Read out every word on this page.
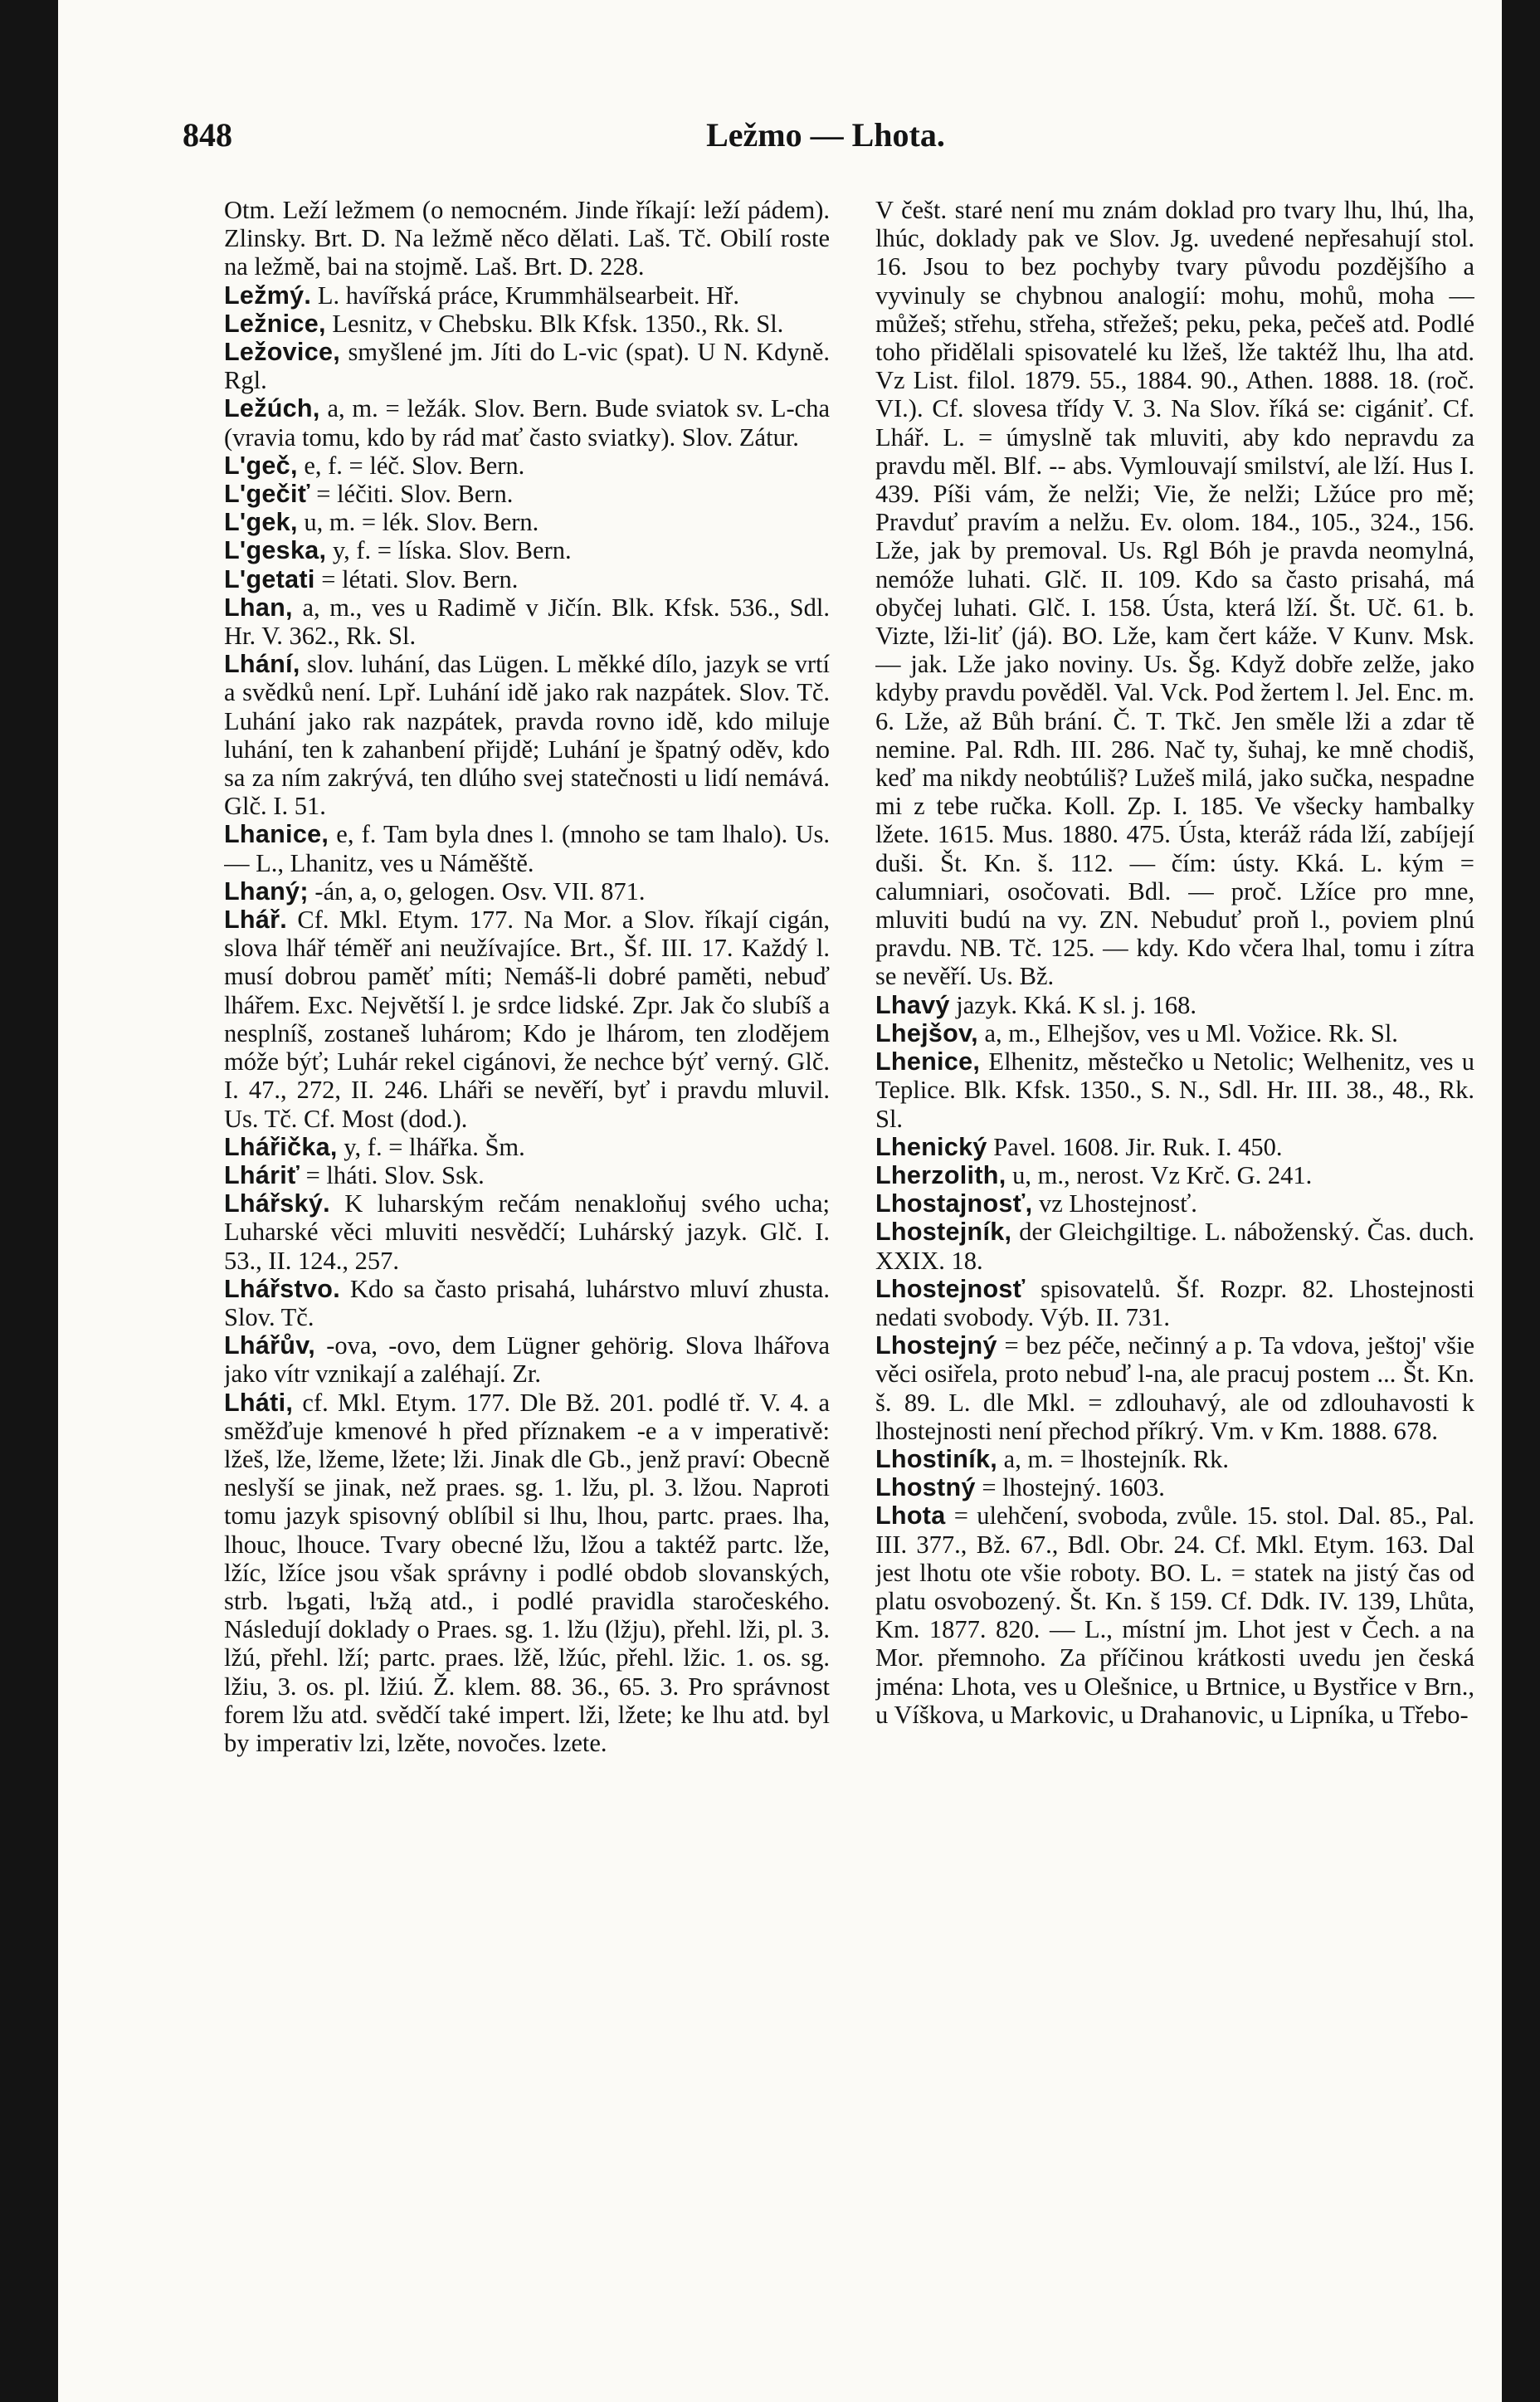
848	Ležmo — Lhota.

Otm. Leží ležmem (o nemocném. Jinde říkají: leží pádem). Zlinsky. Brt. D. Na ležmě něco dělati. Laš. Tč. Obilí roste na ležmě, bai na stojmě. Laš. Brt. D. 228.

Ležmý. L. havířská práce, Krummhälsearbeit. Hř.

Ležnice, Lesnitz, v Chebsku. Blk Kfsk. 1350., Rk. Sl.

Ležovice, smyšlené jm. Jíti do L-vic (spat). U N. Kdyně. Rgl.

Ležúch, a, m. = ležák. Slov. Bern. Bude sviatok sv. L-cha (vravia tomu, kdo by rád mať často sviatky). Slov. Zátur.

L'geč, e, f. = léč. Slov. Bern.

L'gečiť = léčiti. Slov. Bern.

L'gek, u, m. = lék. Slov. Bern.

L'geska, y, f. = líska. Slov. Bern.

L'getati = létati. Slov. Bern.

Lhan, a, m., ves u Radimě v Jičín. Blk. Kfsk. 536., Sdl. Hr. V. 362., Rk. Sl.

Lhání, slov. luhání, das Lügen. L měkké dílo, jazyk se vrtí a svědků není. Lpř. Luhání idě jako rak nazpátek. Slov. Tč. Luhání jako rak nazpátek, pravda rovno idě, kdo miluje luhání, ten k zahanbení přijdě; Luhání je špatný oděv, kdo sa za ním zakrývá, ten dlúho svej statečnosti u lidí nemává. Glč. I. 51.

Lhanice, e, f. Tam byla dnes l. (mnoho se tam lhalo). Us. — L., Lhanitz, ves u Náměště.

Lhaný; -án, a, o, gelogen. Osv. VII. 871.

Lhář. Cf. Mkl. Etym. 177. Na Mor. a Slov. říkají cigán, slova lhář téměř ani neužívajíce. Brt., Šf. III. 17. Každý l. musí dobrou paměť míti; Nemáš-li dobré paměti, nebuď lhářem. Exc. Největší l. je srdce lidské. Zpr. Jak čo slubíš a nesplníš, zostaneš luhárom; Kdo je lhárom, ten zlodějem móže býť; Luhár rekel cigánovi, že nechce býť verný. Glč. I. 47., 272, II. 246. Lháři se nevěří, byť i pravdu mluvil. Us. Tč. Cf. Most (dod.).

Lhářička, y, f. = lhářka. Šm.

Lháriť = lháti. Slov. Ssk.

Lhářský. K luharským rečám nenakloňuj svého ucha; Luharské věci mluviti nesvědčí; Luhárský jazyk. Glč. I. 53., II. 124., 257.

Lhářstvo. Kdo sa často prisahá, luhárstvo mluví zhusta. Slov. Tč.

Lhářův, -ova, -ovo, dem Lügner gehörig. Slova lhářova jako vítr vznikají a zaléhají. Zr.

Lháti, cf. Mkl. Etym. 177. Dle Bž. 201. podlé tř. V. 4. a směžďuje kmenové h před příznakem -e a v imperativě: lžeš, lže, lžeme, lžete; lži. Jinak dle Gb., jenž praví: Obecně neslyší se jinak, než praes. sg. 1. lžu, pl. 3. lžou. Naproti tomu jazyk spisovný oblíbil si lhu, lhou, partc. praes. lha, lhouc, lhouce. Tvary obecné lžu, lžou a taktéž partc. lže, lžíc, lžíce jsou však správny i podlé obdob slovanských, strb. lъgati, lъžą atd., i podlé pravidla staročeského. Následují doklady o Praes. sg. 1. lžu (lžju), přehl. lži, pl. 3. lžú, přehl. lží; partc. praes. lžě, lžúc, přehl. lžic. 1. os. sg. lžiu, 3. os. pl. lžiú. Ž. klem. 88. 36., 65. 3. Pro správnost forem lžu atd. svědčí také impert. lži, lžete; ke lhu atd. byl by imperativ lzi, lzěte, novočes. lzete.

V češt. staré není mu znám doklad pro tvary lhu, lhú, lha, lhúc, doklady pak ve Slov. Jg. uvedené nepřesahují stol. 16. Jsou to bez pochyby tvary původu pozdějšího a vyvinuly se chybnou analogií: mohu, mohů, moha — můžeš; střehu, střeha, střežeš; peku, peka, pečeš atd. Podlé toho přidělali spisovatelé ku lžeš, lže taktéž lhu, lha atd. Vz List. filol. 1879. 55., 1884. 90., Athen. 1888. 18. (roč. VI.). Cf. slovesa třídy V. 3. Na Slov. říká se: cigániť. Cf. Lhář. L. = úmyslně tak mluviti, aby kdo nepravdu za pravdu měl. Blf. -- abs. Vymlouvají smilství, ale lží. Hus I. 439. Píši vám, že nelži; Vie, že nelži; Lžúce pro mě; Pravduť pravím a nelžu. Ev. olom. 184., 105., 324., 156. Lže, jak by premoval. Us. Rgl Bóh je pravda neomylná, nemóže luhati. Glč. II. 109. Kdo sa často prisahá, má obyčej luhati. Glč. I. 158. Ústa, která lží. Št. Uč. 61. b. Vizte, lži-liť (já). BO. Lže, kam čert káže. V Kunv. Msk. — jak. Lže jako noviny. Us. Šg. Když dobře zelže, jako kdyby pravdu pověděl. Val. Vck. Pod žertem l. Jel. Enc. m. 6. Lže, až Bůh brání. Č. T. Tkč. Jen směle lži a zdar tě nemine. Pal. Rdh. III. 286. Nač ty, šuhaj, ke mně chodiš, keď ma nikdy neobtúliš? Lužeš milá, jako sučka, nespadne mi z tebe ručka. Koll. Zp. I. 185. Ve všecky hambalky lžete. 1615. Mus. 1880. 475. Ústa, kteráž ráda lží, zabíjejí duši. Št. Kn. š. 112. — čím: ústy. Kká. L. kým = calumniari, osočovati. Bdl. — proč. Lžíce pro mne, mluviti budú na vy. ZN. Nebuduť proň l., poviem plnú pravdu. NB. Tč. 125. — kdy. Kdo včera lhal, tomu i zítra se nevěří. Us. Bž.

Lhavý jazyk. Kká. K sl. j. 168.

Lhejšov, a, m., Elhejšov, ves u Ml. Vožice. Rk. Sl.

Lhenice, Elhenitz, městečko u Netolic; Welhenitz, ves u Teplice. Blk. Kfsk. 1350., S. N., Sdl. Hr. III. 38., 48., Rk. Sl.

Lhenický Pavel. 1608. Jir. Ruk. I. 450.

Lherzolith, u, m., nerost. Vz Krč. G. 241.

Lhostajnosť, vz Lhostejnosť.

Lhostejník, der Gleichgiltige. L. náboženský. Čas. duch. XXIX. 18.

Lhostejnosť spisovatelů. Šf. Rozpr. 82. Lhostejnosti nedati svobody. Výb. II. 731.

Lhostejný = bez péče, nečinný a p. Ta vdova, ještoj' všie věci osiřela, proto nebuď l-na, ale pracuj postem ... Št. Kn. š. 89. L. dle Mkl. = zdlouhavý, ale od zdlouhavosti k lhostejnosti není přechod příkrý. Vm. v Km. 1888. 678.

Lhostiník, a, m. = lhostejník. Rk.

Lhostný = lhostejný. 1603.

Lhota = ulehčení, svoboda, zvůle. 15. stol. Dal. 85., Pal. III. 377., Bž. 67., Bdl. Obr. 24. Cf. Mkl. Etym. 163. Dal jest lhotu ote všie roboty. BO. L. = statek na jistý čas od platu osvobozený. Št. Kn. š 159. Cf. Ddk. IV. 139, Lhůta, Km. 1877. 820. — L., místní jm. Lhot jest v Čech. a na Mor. přemnoho. Za příčinou krátkosti uvedu jen česká jména: Lhota, ves u Olešnice, u Brtnice, u Bystřice v Brn., u Víškova, u Markovic, u Drahanovic, u Lipníka, u Třebo-
